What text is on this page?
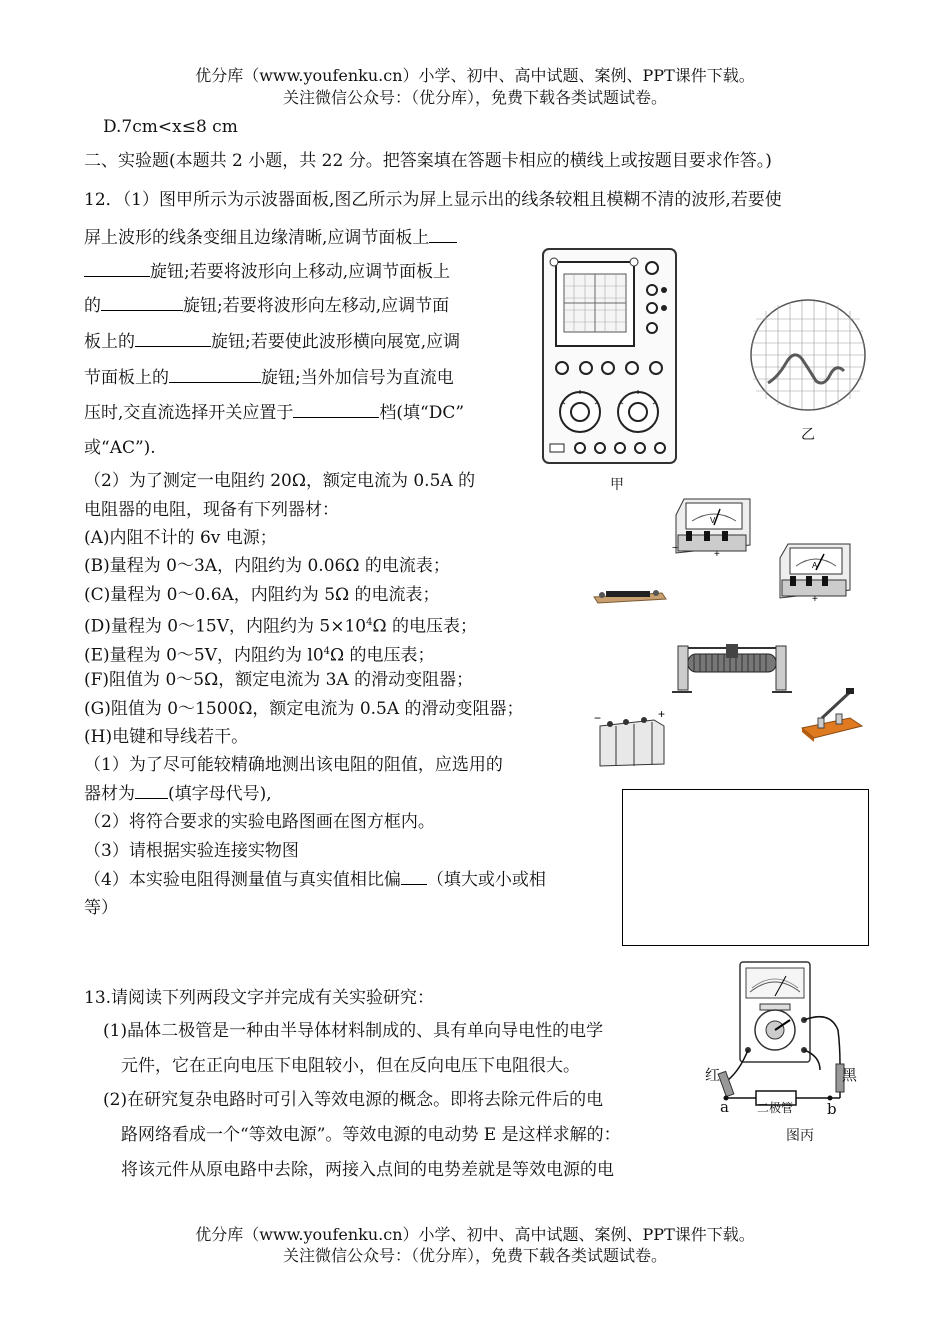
优分库（www.youfenku.cn）小学、初中、高中试题、案例、PPT课件下载。
关注微信公众号：（优分库），免费下载各类试题试卷。
D.7cm<x≤8 cm
二、实验题(本题共 2 小题，共 22 分。把答案填在答题卡相应的横线上或按题目要求作答。)
12．（1）图甲所示为示波器面板,图乙所示为屏上显示出的线条较粗且模糊不清的波形,若要使
屏上波形的线条变细且边缘清晰,应调节面板上
旋钮;若要将波形向上移动,应调节面板上
的	旋钮;若要将波形向左移动,应调节面
板上的	旋钮;若要使此波形横向展宽,应调
节面板上的	旋钮;当外加信号为直流电
压时,交直流选择开关应置于	档(填“DC”
或“AC”).
（2）为了测定一电阻约 20Ω，额定电流为 0.5A 的
电阻器的电阻，现备有下列器材：
(A)内阻不计的 6v 电源；
(B)量程为 0～3A，内阻约为 0.06Ω 的电流表；
(C)量程为 0～0.6A，内阻约为 5Ω 的电流表；
(D)量程为 0～15V，内阻约为 $5\times 10^4\Omega$ 的电压表；
(E)量程为 0～5V，内阻约为 $l0^4\Omega$ 的电压表；
(F)阻值为 0～5Ω，额定电流为 3A 的滑动变阻器；
(G)阻值为 0～1500Ω，额定电流为 0.5A 的滑动变阻器；
(H)电键和导线若干。
（1）为了尽可能较精确地测出该电阻的阻值，应选用的
器材为 (填字母代号),
（2）将符合要求的实验电路图画在图方框内。
（3）请根据实验连接实物图
（4）本实验电阻得测量值与真实值相比偏 （填大或小或相
等）
甲
乙
V
−
+
A
+
−	+
13.请阅读下列两段文字并完成有关实验研究：
(1)晶体二极管是一种由半导体材料制成的、具有单向导电性的电学
元件，它在正向电压下电阻较小，但在反向电压下电阻很大。
(2)在研究复杂电路时可引入等效电源的概念。即将去除元件后的电
路网络看成一个“等效电源”。等效电源的电动势 E 是这样求解的：
将该元件从原电路中去除，两接入点间的电势差就是等效电源的电
红	黑
a	b
二极管
图丙
优分库（www.youfenku.cn）小学、初中、高中试题、案例、PPT课件下载。
关注微信公众号：（优分库），免费下载各类试题试卷。
